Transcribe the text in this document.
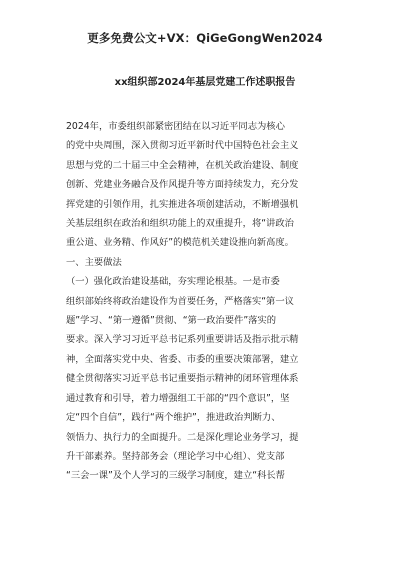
更多免费公文+VX：QiGeGongWen2024
xx组织部2024年基层党建工作述职报告
2024年，市委组织部紧密团结在以习近平同志为核心
的党中央周围，深入贯彻习近平新时代中国特色社会主义
思想与党的二十届三中全会精神，在机关政治建设、制度
创新、党建业务融合及作风提升等方面持续发力，充分发
挥党建的引领作用，扎实推进各项创建活动，不断增强机
关基层组织在政治和组织功能上的双重提升，将“讲政治
重公道、业务精、作风好”的模范机关建设推向新高度。
一、主要做法
（一）强化政治建设基础，夯实理论根基。一是市委
组织部始终将政治建设作为首要任务，严格落实“第一议
题”学习、“第一遵循”贯彻、“第一政治要件”落实的
要求。深入学习习近平总书记系列重要讲话及指示批示精
神，全面落实党中央、省委、市委的重要决策部署，建立
健全贯彻落实习近平总书记重要指示精神的闭环管理体系
通过教育和引导，着力增强组工干部的“四个意识”，坚
定“四个自信”，践行“两个维护”，推进政治判断力、
领悟力、执行力的全面提升。二是深化理论业务学习，提
升干部素养。坚持部务会（理论学习中心组）、党支部
“三会一课”及个人学习的三级学习制度，建立“科长帮
